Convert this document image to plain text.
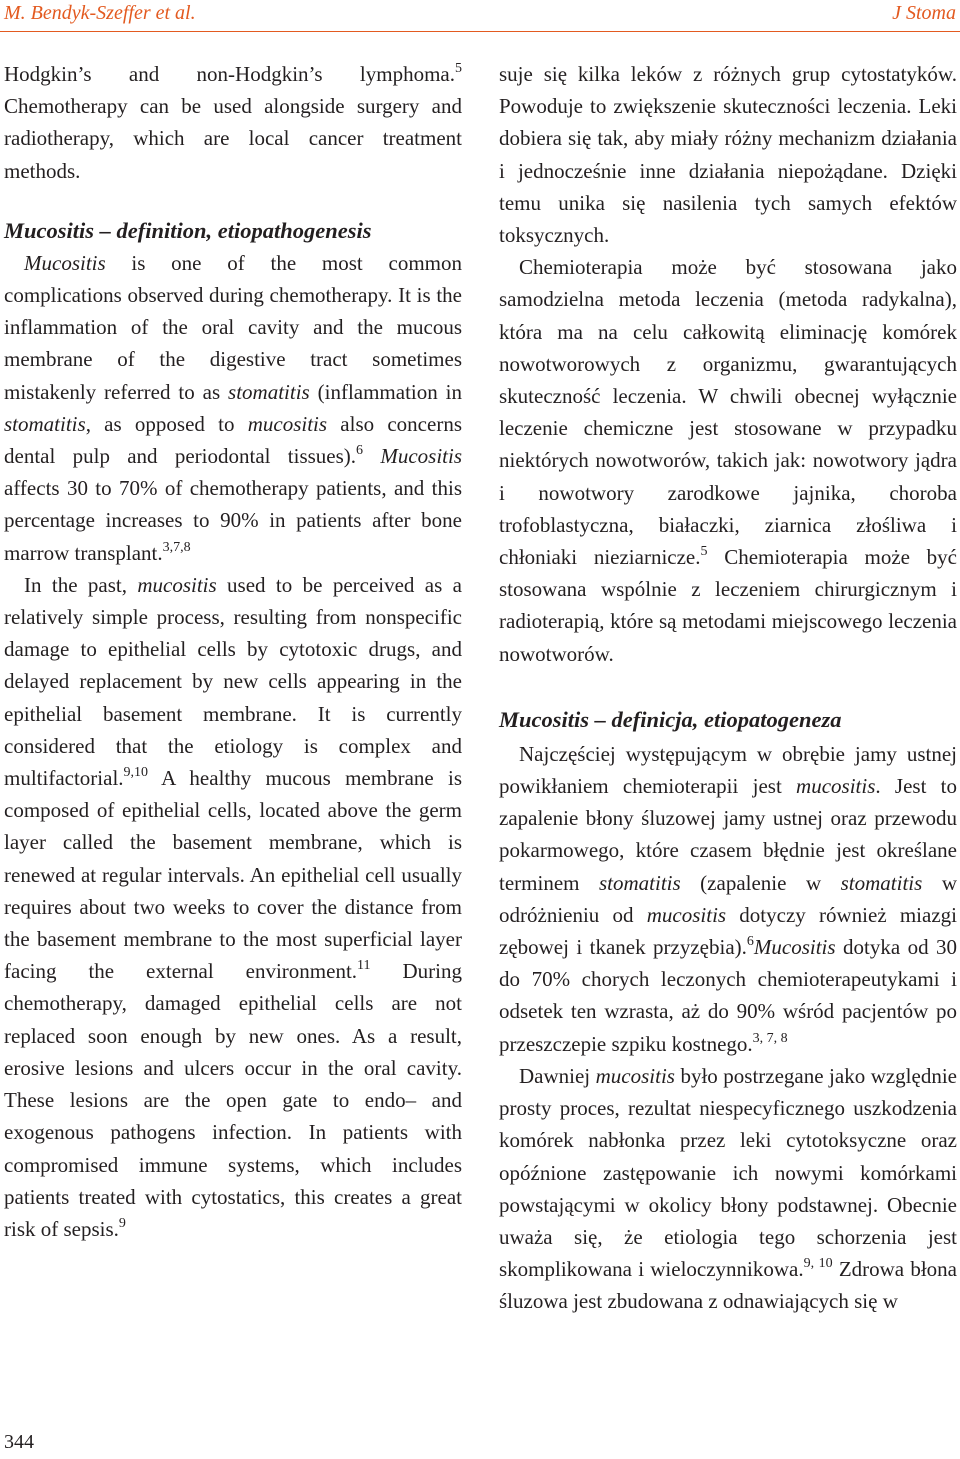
M. Bendyk-Szeffer et al.	J Stoma

Hodgkin’s and non-Hodgkin’s lymphoma.$^5$ Chemotherapy can be used alongside surgery and radiotherapy, which are local cancer treatment methods.

Mucositis – definition, etiopathogenesis

Mucositis is one of the most common complications observed during chemotherapy. It is the inflammation of the oral cavity and the mucous membrane of the digestive tract sometimes mistakenly referred to as stomatitis (inflammation in stomatitis, as opposed to mucositis also concerns dental pulp and periodontal tissues).$^6$ Mucositis affects 30 to 70% of chemotherapy patients, and this percentage increases to 90% in patients after bone marrow transplant.$^{3,7,8}$

In the past, mucositis used to be perceived as a relatively simple process, resulting from nonspecific damage to epithelial cells by cytotoxic drugs, and delayed replacement by new cells appearing in the epithelial basement membrane. It is currently considered that the etiology is complex and multifactorial.$^{9,10}$ A healthy mucous membrane is composed of epithelial cells, located above the germ layer called the basement membrane, which is renewed at regular intervals. An epithelial cell usually requires about two weeks to cover the distance from the basement membrane to the most superficial layer facing the external environment.$^{11}$ During chemotherapy, damaged epithelial cells are not replaced soon enough by new ones. As a result, erosive lesions and ulcers occur in the oral cavity. These lesions are the open gate to endo– and exogenous pathogens infection. In patients with compromised immune systems, which includes patients treated with cytostatics, this creates a great risk of sepsis.$^9$

suje się kilka leków z różnych grup cytostatyków. Powoduje to zwiększenie skuteczności leczenia. Leki dobiera się tak, aby miały różny mechanizm działania i jednocześnie inne działania niepożądane. Dzięki temu unika się nasilenia tych samych efektów toksycznych.

Chemioterapia może być stosowana jako samodzielna metoda leczenia (metoda radykalna), która ma na celu całkowitą eliminację komórek nowotworowych z organizmu, gwarantujących skuteczność leczenia. W chwili obecnej wyłącznie leczenie chemiczne jest stosowane w przypadku niektórych nowotworów, takich jak: nowotwory jądra i nowotwory zarodkowe jajnika, choroba trofoblastyczna, białaczki, ziarnica złośliwa i chłoniaki nieziarnicze.$^5$ Chemioterapia może być stosowana wspólnie z leczeniem chirurgicznym i radioterapią, które są metodami miejscowego leczenia nowotworów.

Mucositis – definicja, etiopatogeneza

Najczęściej występującym w obrębie jamy ustnej powikłaniem chemioterapii jest mucositis. Jest to zapalenie błony śluzowej jamy ustnej oraz przewodu pokarmowego, które czasem błędnie jest określane terminem stomatitis (zapalenie w stomatitis w odróżnieniu od mucositis dotyczy również miazgi zębowej i tkanek przyzębia).$^6$Mucositis dotyka od 30 do 70% chorych leczonych chemioterapeutykami i odsetek ten wzrasta, aż do 90% wśród pacjentów po przeszczepie szpiku kostnego.$^{3, 7, 8}$

Dawniej mucositis było postrzegane jako względnie prosty proces, rezultat niespecyficznego uszkodzenia komórek nabłonka przez leki cytotoksyczne oraz opóźnione zastępowanie ich nowymi komórkami powstającymi w okolicy błony podstawnej. Obecnie uważa się, że etiologia tego schorzenia jest skomplikowana i wieloczynnikowa.$^{9, 10}$ Zdrowa błona śluzowa jest zbudowana z odnawiających się w

344
